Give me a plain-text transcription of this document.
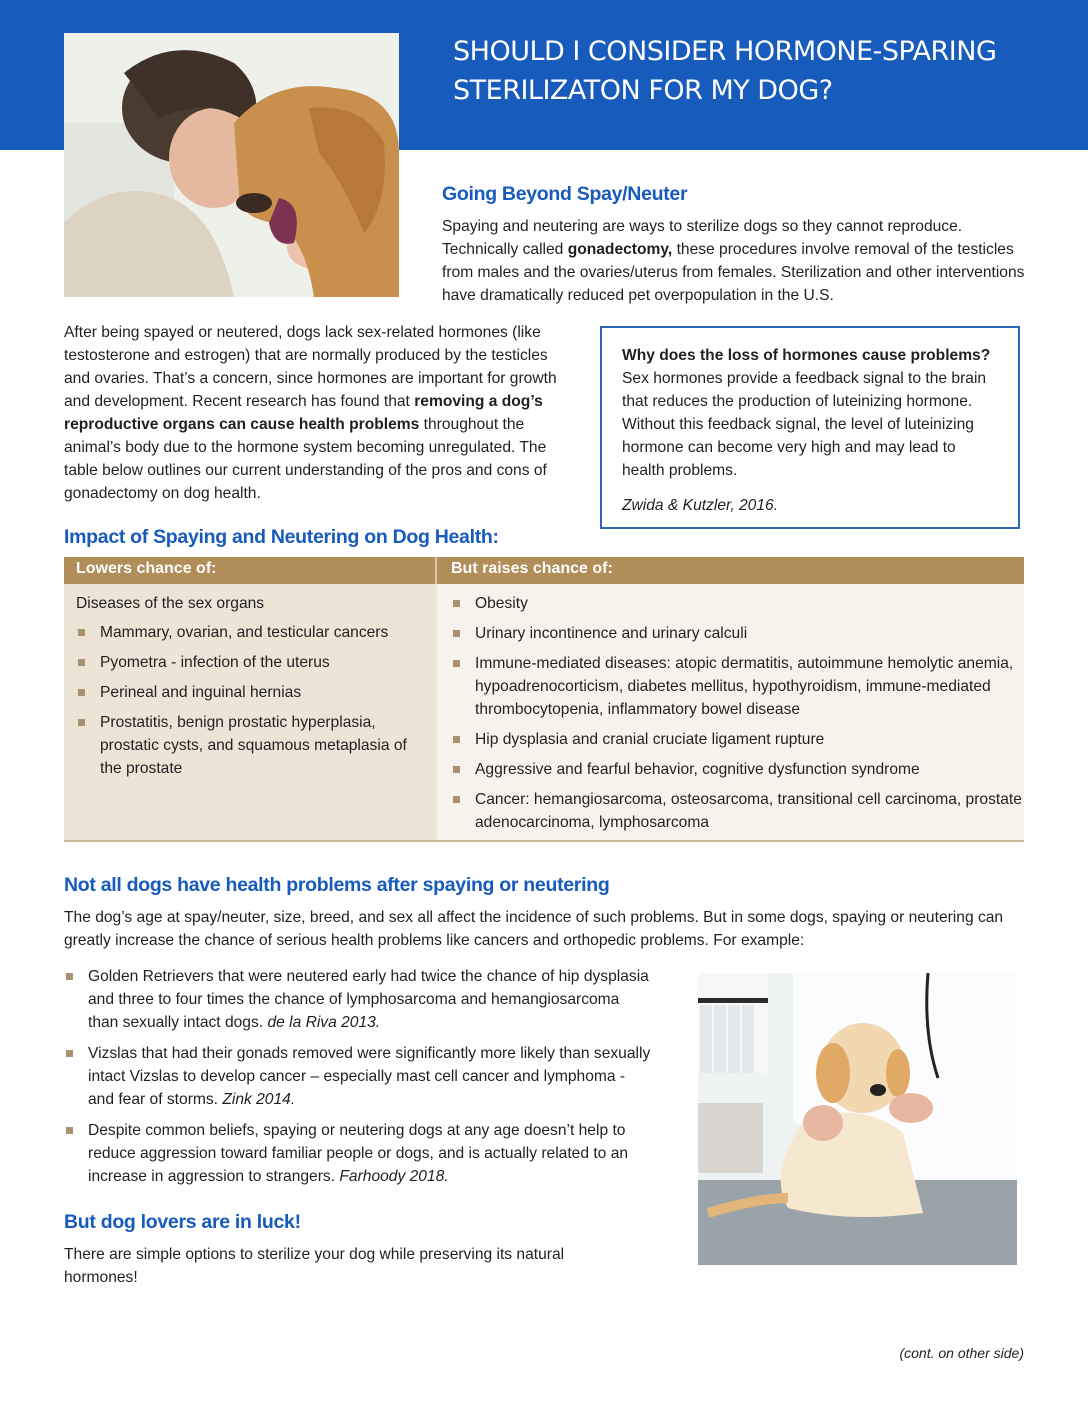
SHOULD I CONSIDER HORMONE-SPARING
STERILIZATON FOR MY DOG?
Going Beyond Spay/Neuter

Spaying and neutering are ways to sterilize dogs so they cannot reproduce. Technically called gonadectomy, these procedures involve removal of the testicles from males and the ovaries/uterus from females. Sterilization and other interventions have dramatically reduced pet overpopulation in the U.S.

After being spayed or neutered, dogs lack sex-related hormones (like testosterone and estrogen) that are normally produced by the testicles and ovaries. That’s a concern, since hormones are important for growth and development. Recent research has found that removing a dog’s reproductive organs can cause health problems throughout the animal’s body due to the hormone system becoming unregulated. The table below outlines our current understanding of the pros and cons of gonadectomy on dog health.

Why does the loss of hormones cause problems?
Sex hormones provide a feedback signal to the brain that reduces the production of luteinizing hormone. Without this feedback signal, the level of luteinizing hormone can become very high and may lead to health problems.
Zwida & Kutzler, 2016.
Impact of Spaying and Neutering on Dog Health:
Lowers chance of:	But raises chance of:
Diseases of the sex organs
Mammary, ovarian, and testicular cancers
Pyometra - infection of the uterus
Perineal and inguinal hernias
Prostatitis, benign prostatic hyperplasia, prostatic cysts, and squamous metaplasia of the prostate
Obesity
Urinary incontinence and urinary calculi
Immune-mediated diseases: atopic dermatitis, autoimmune hemolytic anemia, hypoadrenocorticism, diabetes mellitus, hypothyroidism, immune-mediated thrombocytopenia, inflammatory bowel disease
Hip dysplasia and cranial cruciate ligament rupture
Aggressive and fearful behavior, cognitive dysfunction syndrome
Cancer: hemangiosarcoma, osteosarcoma, transitional cell carcinoma, prostate adenocarcinoma, lymphosarcoma
Not all dogs have health problems after spaying or neutering

The dog’s age at spay/neuter, size, breed, and sex all affect the incidence of such problems. But in some dogs, spaying or neutering can greatly increase the chance of serious health problems like cancers and orthopedic problems. For example:

Golden Retrievers that were neutered early had twice the chance of hip dysplasia and three to four times the chance of lymphosarcoma and hemangiosarcoma than sexually intact dogs. de la Riva 2013.
Vizslas that had their gonads removed were significantly more likely than sexually intact Vizslas to develop cancer – especially mast cell cancer and lymphoma - and fear of storms. Zink 2014.
Despite common beliefs, spaying or neutering dogs at any age doesn’t help to reduce aggression toward familiar people or dogs, and is actually related to an increase in aggression to strangers. Farhoody 2018.
But dog lovers are in luck!

There are simple options to sterilize your dog while preserving its natural hormones!

(cont. on other side)
